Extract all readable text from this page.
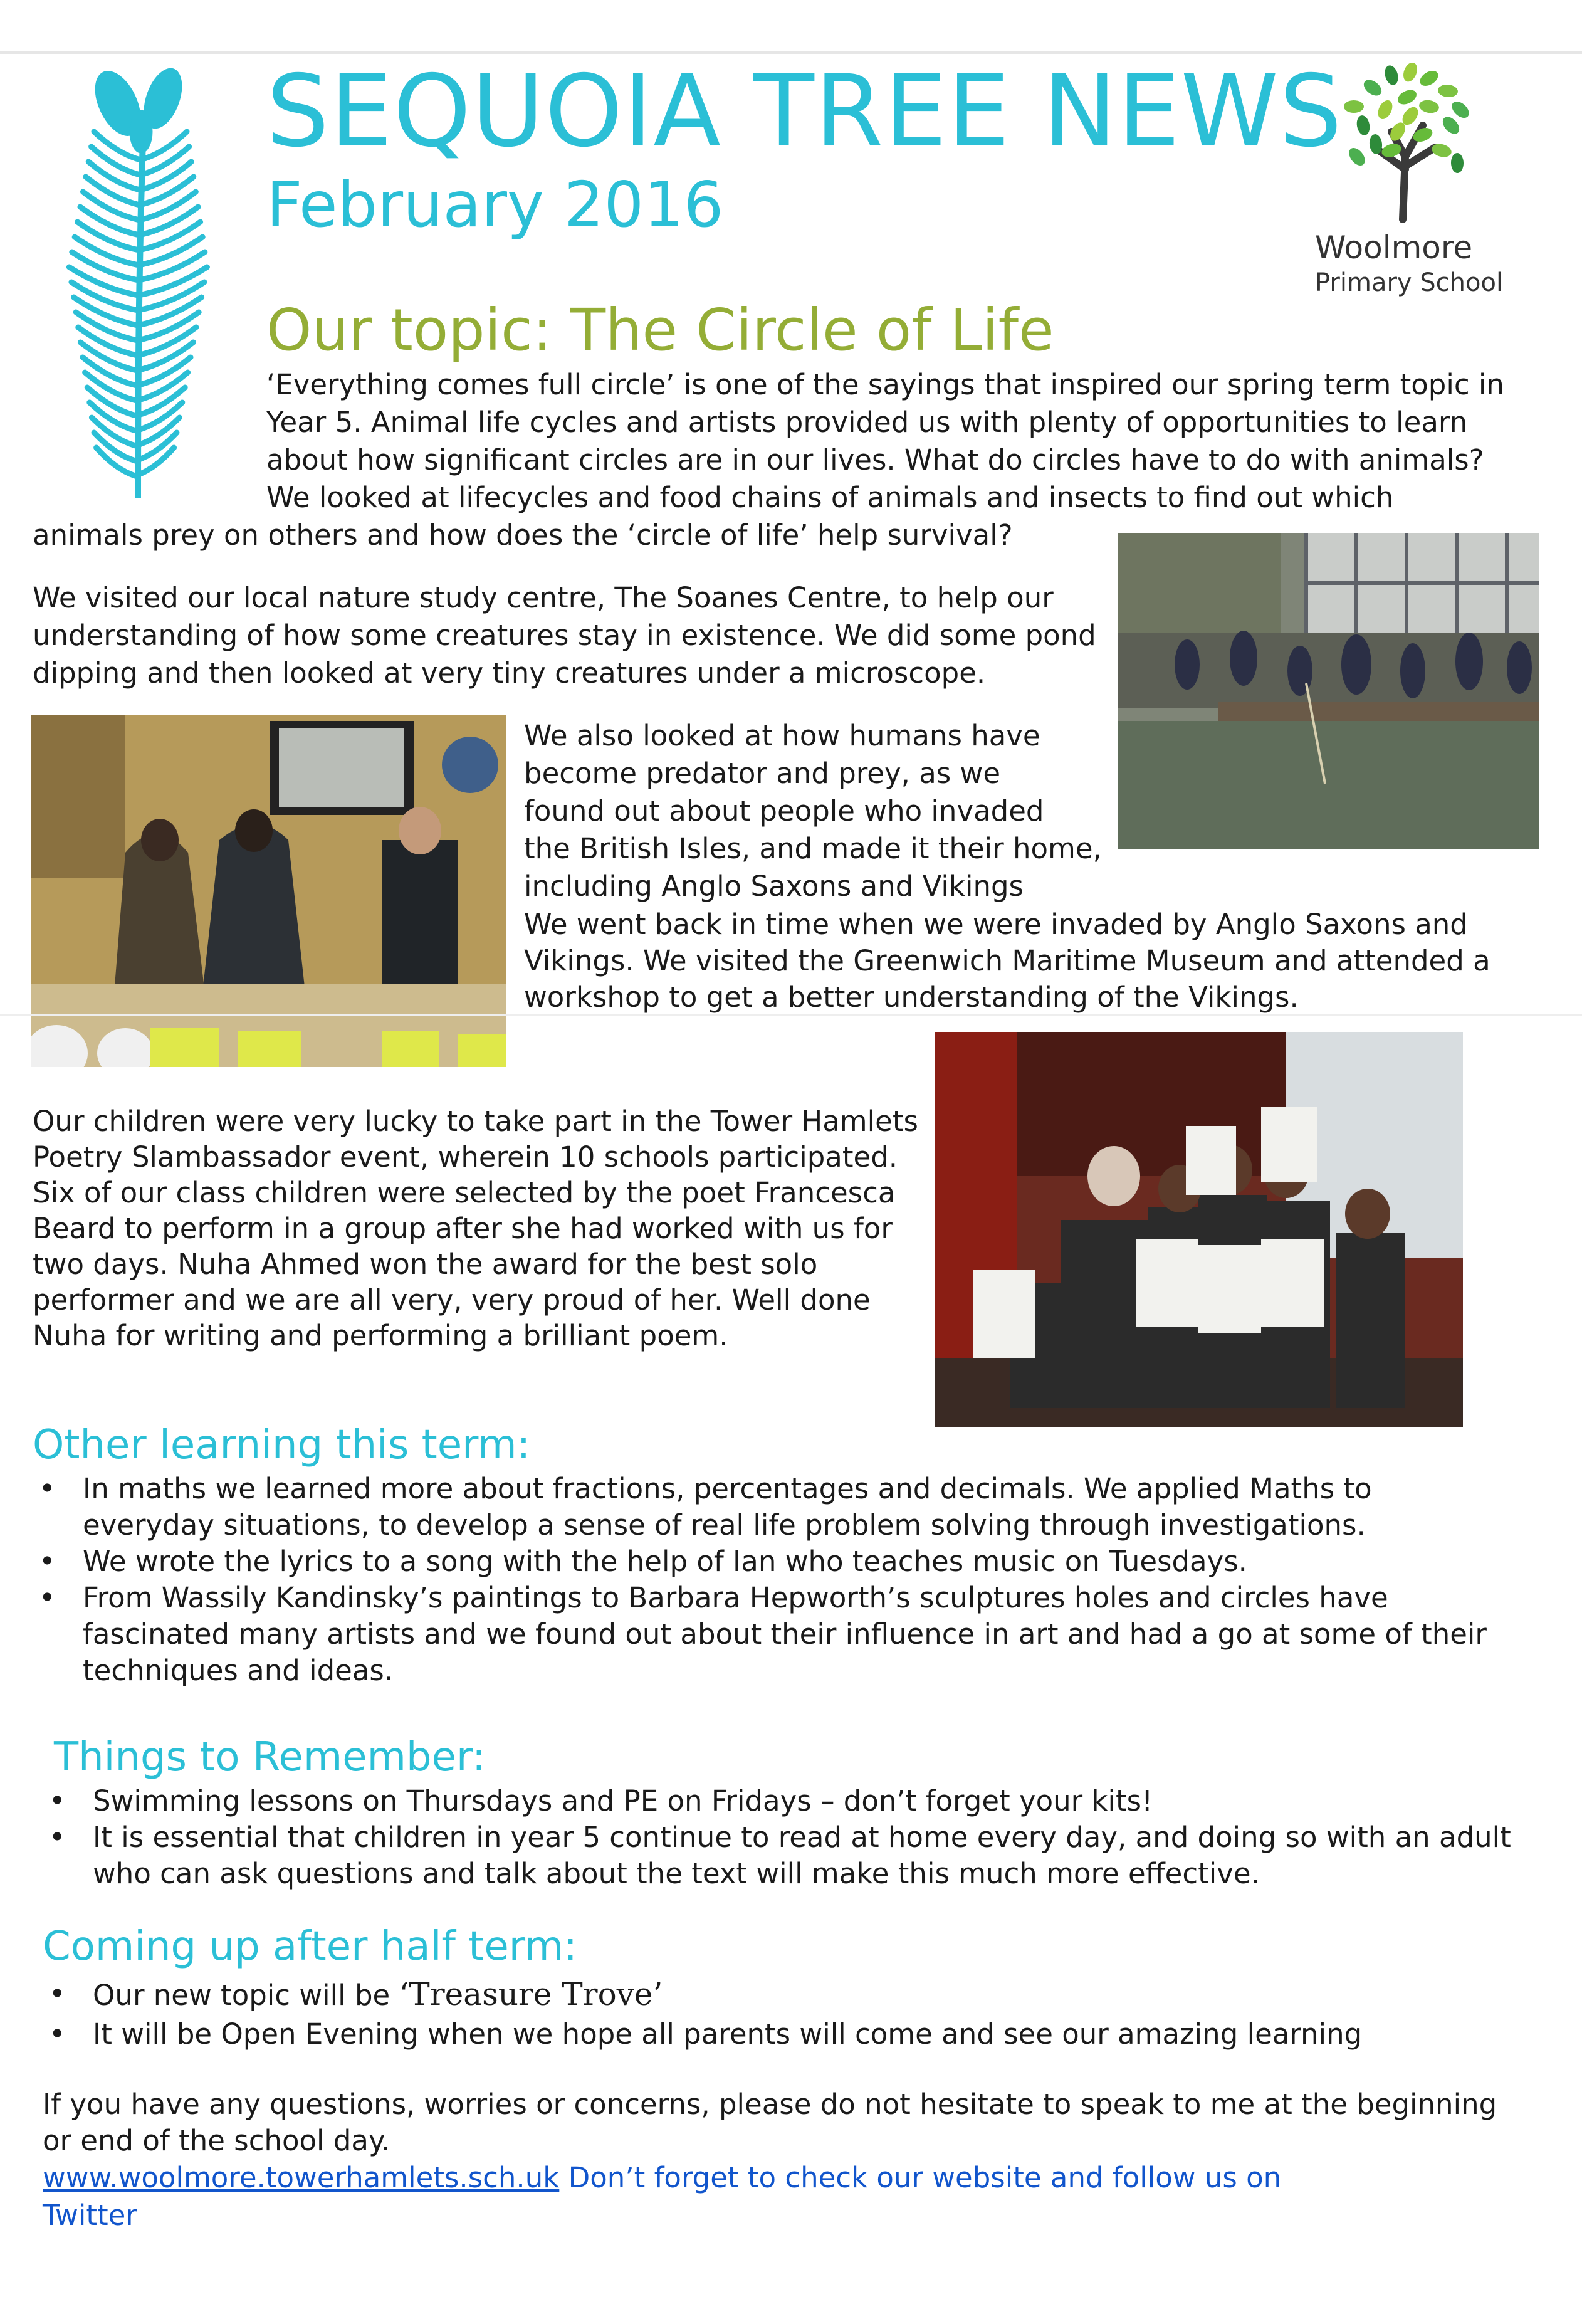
SEQUOIA TREE NEWS
February 2016
Woolmore
Primary School
Our topic: The Circle of Life

‘Everything comes full circle’ is one of the sayings that inspired our spring term topic in

Year 5. Animal life cycles and artists provided us with plenty of opportunities to learn

about how significant circles are in our lives. What do circles have to do with animals?

We looked at lifecycles and food chains of animals and insects to find out which

animals prey on others and how does the ‘circle of life’ help survival?

We visited our local nature study centre, The Soanes Centre, to help our

understanding of how some creatures stay in existence. We did some pond

dipping and then looked at very tiny creatures under a microscope.

We also looked at how humans have

become predator and prey, as we

found out about people who invaded

the British Isles, and made it their home,

including Anglo Saxons and Vikings

We went back in time when we were invaded by Anglo Saxons and

Vikings. We visited the Greenwich Maritime Museum and attended a

workshop to get a better understanding of the Vikings.

Our children were very lucky to take part in the Tower Hamlets

Poetry Slambassador event, wherein 10 schools participated.

Six of our class children were selected by the poet Francesca

Beard to perform in a group after she had worked with us for

two days. Nuha Ahmed won the award for the best solo

performer and we are all very, very proud of her. Well done

Nuha for writing and performing a brilliant poem.

Other learning this term:
• In maths we learned more about fractions, percentages and decimals. We applied Maths to
everyday situations, to develop a sense of real life problem solving through investigations.
• We wrote the lyrics to a song with the help of Ian who teaches music on Tuesdays.
• From Wassily Kandinsky’s paintings to Barbara Hepworth’s sculptures holes and circles have
fascinated many artists and we found out about their influence in art and had a go at some of their
techniques and ideas.
Things to Remember:
• Swimming lessons on Thursdays and PE on Fridays – don’t forget your kits!
• It is essential that children in year 5 continue to read at home every day, and doing so with an adult
who can ask questions and talk about the text will make this much more effective.
Coming up after half term:
• Our new topic will be ‘Treasure Trove’
• It will be Open Evening when we hope all parents will come and see our amazing learning

If you have any questions, worries or concerns, please do not hesitate to speak to me at the beginning

or end of the school day.

www.woolmore.towerhamlets.sch.uk Don’t forget to check our website and follow us on

Twitter
